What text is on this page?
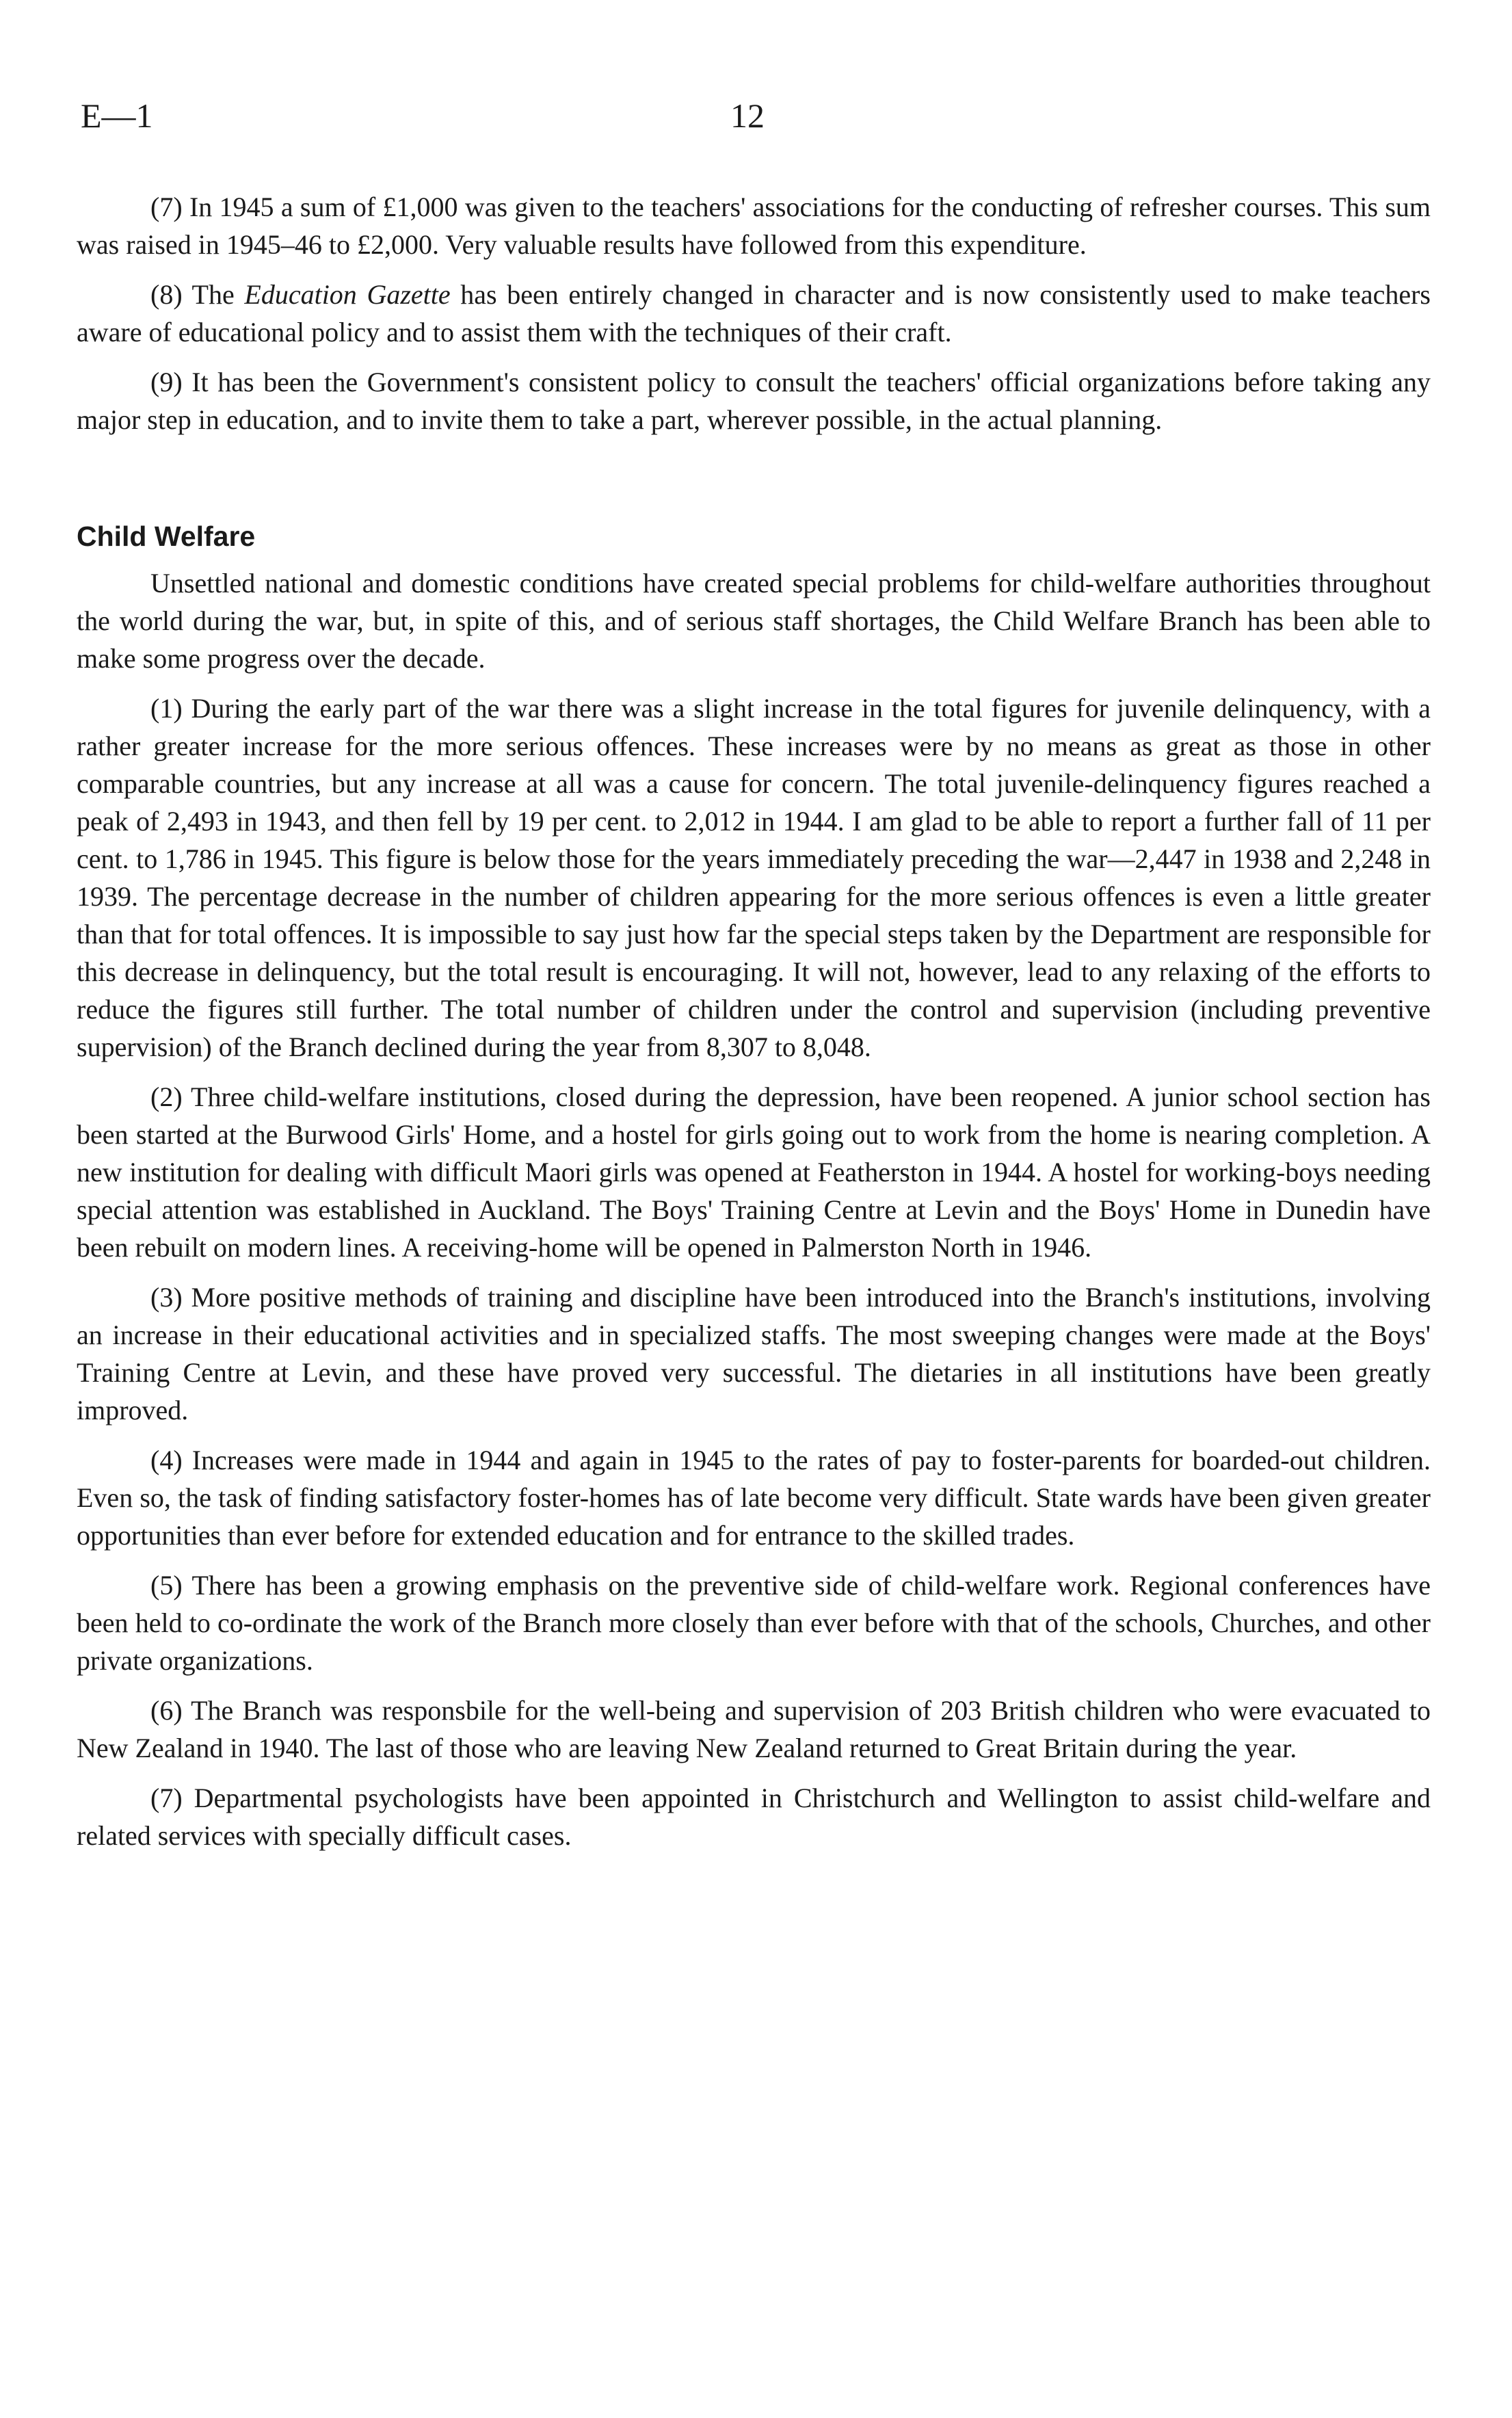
E—1	12

(7) In 1945 a sum of £1,000 was given to the teachers' associations for the conducting of refresher courses. This sum was raised in 1945–46 to £2,000. Very valuable results have followed from this expenditure.

(8) The Education Gazette has been entirely changed in character and is now consistently used to make teachers aware of educational policy and to assist them with the techniques of their craft.

(9) It has been the Government's consistent policy to consult the teachers' official organizations before taking any major step in education, and to invite them to take a part, wherever possible, in the actual planning.

Child Welfare

Unsettled national and domestic conditions have created special problems for child-welfare authorities throughout the world during the war, but, in spite of this, and of serious staff shortages, the Child Welfare Branch has been able to make some progress over the decade.

(1) During the early part of the war there was a slight increase in the total figures for juvenile delinquency, with a rather greater increase for the more serious offences. These increases were by no means as great as those in other comparable countries, but any increase at all was a cause for concern. The total juvenile-delinquency figures reached a peak of 2,493 in 1943, and then fell by 19 per cent. to 2,012 in 1944. I am glad to be able to report a further fall of 11 per cent. to 1,786 in 1945. This figure is below those for the years immediately preceding the war—2,447 in 1938 and 2,248 in 1939. The percentage decrease in the number of children appearing for the more serious offences is even a little greater than that for total offences. It is impossible to say just how far the special steps taken by the Department are responsible for this decrease in delinquency, but the total result is encouraging. It will not, however, lead to any relaxing of the efforts to reduce the figures still further. The total number of children under the control and supervision (including preventive supervision) of the Branch declined during the year from 8,307 to 8,048.

(2) Three child-welfare institutions, closed during the depression, have been reopened. A junior school section has been started at the Burwood Girls' Home, and a hostel for girls going out to work from the home is nearing completion. A new institution for dealing with difficult Maori girls was opened at Featherston in 1944. A hostel for working-boys needing special attention was established in Auckland. The Boys' Training Centre at Levin and the Boys' Home in Dunedin have been rebuilt on modern lines. A receiving-home will be opened in Palmerston North in 1946.

(3) More positive methods of training and discipline have been introduced into the Branch's institutions, involving an increase in their educational activities and in specialized staffs. The most sweeping changes were made at the Boys' Training Centre at Levin, and these have proved very successful. The dietaries in all institutions have been greatly improved.

(4) Increases were made in 1944 and again in 1945 to the rates of pay to foster-parents for boarded-out children. Even so, the task of finding satisfactory foster-homes has of late become very difficult. State wards have been given greater opportunities than ever before for extended education and for entrance to the skilled trades.

(5) There has been a growing emphasis on the preventive side of child-welfare work. Regional conferences have been held to co-ordinate the work of the Branch more closely than ever before with that of the schools, Churches, and other private organizations.

(6) The Branch was responsbile for the well-being and supervision of 203 British children who were evacuated to New Zealand in 1940. The last of those who are leaving New Zealand returned to Great Britain during the year.

(7) Departmental psychologists have been appointed in Christchurch and Wellington to assist child-welfare and related services with specially difficult cases.
